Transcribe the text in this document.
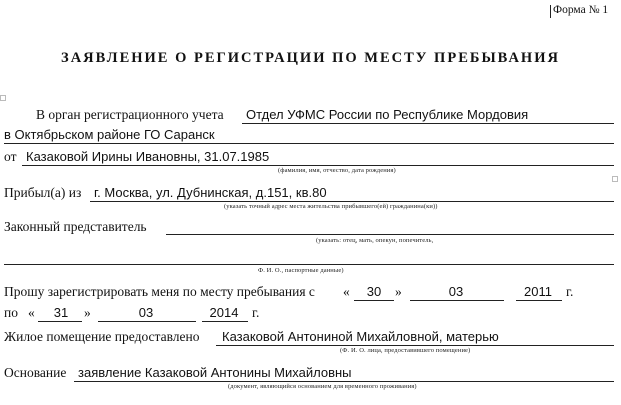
Форма № 1
ЗАЯВЛЕНИЕ О РЕГИСТРАЦИИ ПО МЕСТУ ПРЕБЫВАНИЯ
В орган регистрационного учета Отдел УФМС России по Республике Мордовия
в Октябрьском районе ГО Саранск
от Казаковой Ирины Ивановны, 31.07.1985
(фамилия, имя, отчество, дата рождения)
Прибыл(а) из г. Москва, ул. Дубнинская, д.151, кв.80
(указать точный адрес места жительства прибывшего(ей) гражданина(ки))
Законный представитель
(указать: отец, мать, опекун, попечитель,
Ф. И. О., паспортные данные)
Прошу зарегистрировать меня по месту пребывания с «	30	»	03	2011	г.
по «	31	»	03	2014	г.
Жилое помещение предоставлено Казаковой Антониной Михайловной, матерью
(Ф. И. О. лица, предоставившего помещение)
Основание заявление Казаковой Антонины Михайловны
(документ, являющийся основанием для временного проживания)
